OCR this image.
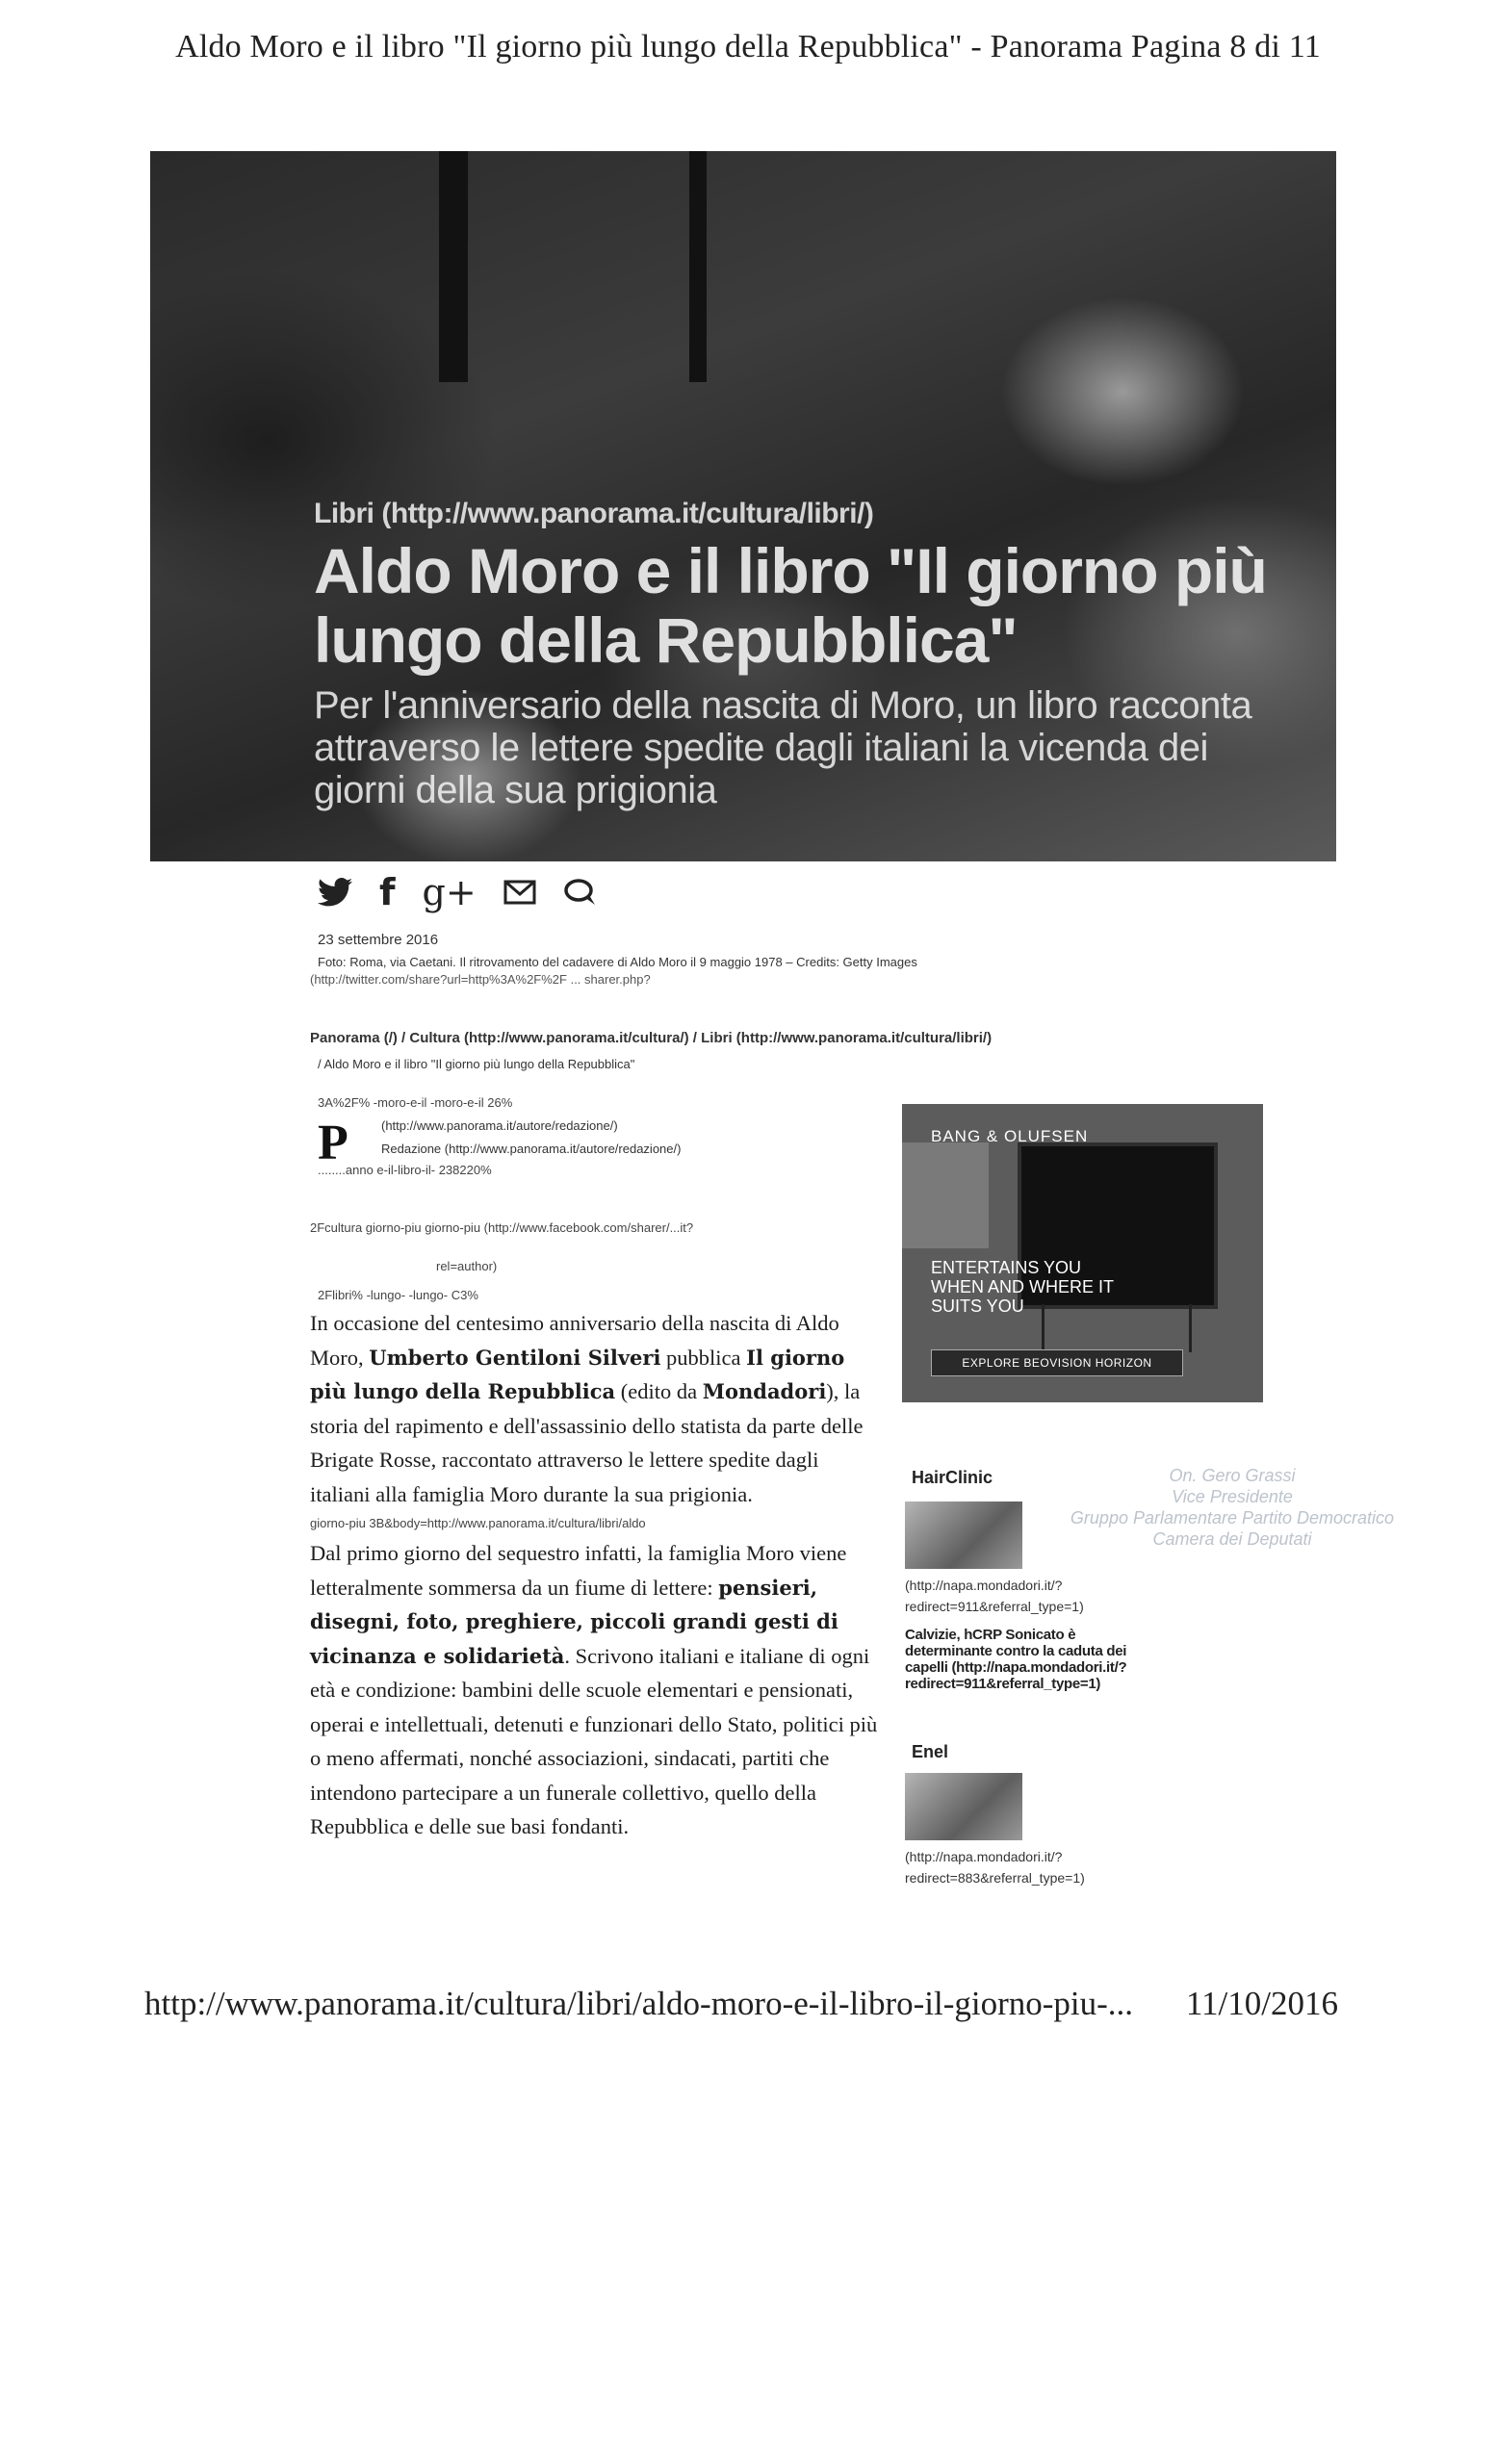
Aldo Moro e il libro "Il giorno più lungo della Repubblica" - Panorama Pagina 8 di 11
Libri (http://www.panorama.it/cultura/libri/)
Aldo Moro e il libro "Il giorno più lungo della Repubblica"
Per l'anniversario della nascita di Moro, un libro racconta attraverso le lettere spedite dagli italiani la vicenda dei giorni della sua prigionia
f g+
23 settembre 2016
Foto: Roma, via Caetani. Il ritrovamento del cadavere di Aldo Moro il 9 maggio 1978 – Credits: Getty Images
(http://twitter.com/share?url=http%3A%2F%2F ... sharer.php?
Panorama (/) / Cultura (http://www.panorama.it/cultura/) / Libri (http://www.panorama.it/cultura/libri/)
/ Aldo Moro e il libro "Il giorno più lungo della Repubblica"
3A%2F% -moro-e-il -moro-e-il 26%
P	(http://www.panorama.it/autore/redazione/)
Redazione (http://www.panorama.it/autore/redazione/)
........anno e-il-libro-il- 238220%
2Fcultura giorno-piu giorno-piu (http://www.facebook.com/sharer/...it?
rel=author)
2Flibri% -lungo- -lungo- C3%

In occasione del centesimo anniversario della nascita di Aldo Moro, Umberto Gentiloni Silveri pubblica Il giorno più lungo della Repubblica (edito da Mondadori), la storia del rapimento e dell'assassinio dello statista da parte delle Brigate Rosse, raccontato attraverso le lettere spedite dagli italiani alla famiglia Moro durante la sua prigionia.

giorno-piu 3B&body=http://www.panorama.it/cultura/libri/aldo

Dal primo giorno del sequestro infatti, la famiglia Moro viene letteralmente sommersa da un fiume di lettere: pensieri, disegni, foto, preghiere, piccoli grandi gesti di vicinanza e solidarietà. Scrivono italiani e italiane di ogni età e condizione: bambini delle scuole elementari e pensionati, operai e intellettuali, detenuti e funzionari dello Stato, politici più o meno affermati, nonché associazioni, sindacati, partiti che intendono partecipare a un funerale collettivo, quello della Repubblica e delle sue basi fondanti.

BANG & OLUFSEN
ENTERTAINS YOU WHEN AND WHERE IT SUITS YOU
EXPLORE BEOVISION HORIZON
HairClinic
(http://napa.mondadori.it/?redirect=911&referral_type=1)
Calvizie, hCRP Sonicato è determinante contro la caduta dei capelli (http://napa.mondadori.it/?redirect=911&referral_type=1)
Enel
(http://napa.mondadori.it/?redirect=883&referral_type=1)
On. Gero Grassi
Vice Presidente
Gruppo Parlamentare Partito Democratico
Camera dei Deputati
http://www.panorama.it/cultura/libri/aldo-moro-e-il-libro-il-giorno-piu-... 11/10/2016
